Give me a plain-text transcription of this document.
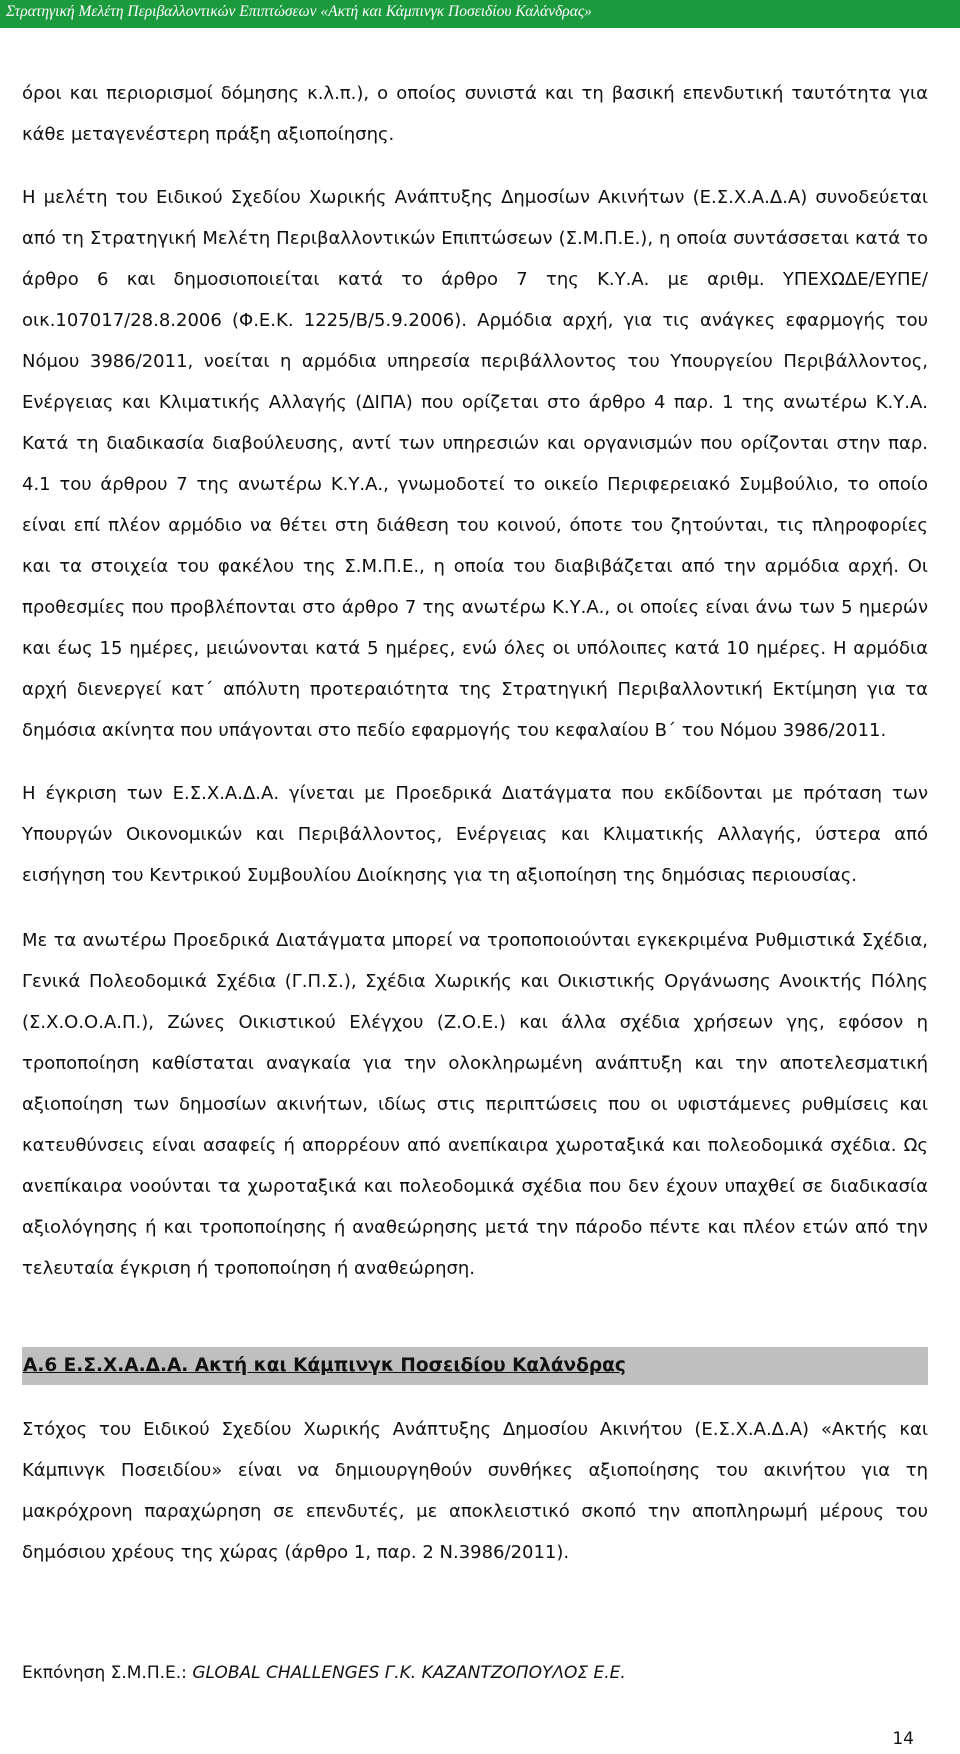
Στρατηγική Μελέτη Περιβαλλοντικών Επιπτώσεων «Ακτή και Κάμπινγκ Ποσειδίου Καλάνδρας»

όροι και περιορισμοί δόμησης κ.λ.π.), ο οποίος συνιστά και τη βασική επενδυτική ταυτότητα για κάθε μεταγενέστερη πράξη αξιοποίησης.

Η μελέτη του Ειδικού Σχεδίου Χωρικής Ανάπτυξης Δημοσίων Ακινήτων (Ε.Σ.Χ.Α.Δ.Α) συνοδεύεται από τη Στρατηγική Μελέτη Περιβαλλοντικών Επιπτώσεων (Σ.Μ.Π.Ε.), η οποία συντάσσεται κατά το άρθρο 6 και δημοσιοποιείται κατά το άρθρο 7 της Κ.Υ.Α. με αριθμ. ΥΠΕΧΩΔΕ/ΕΥΠΕ/οικ.107017/28.8.2006 (Φ.Ε.Κ. 1225/Β/5.9.2006). Αρμόδια αρχή, για τις ανάγκες εφαρμογής του Νόμου 3986/2011, νοείται η αρμόδια υπηρεσία περιβάλλοντος του Υπουργείου Περιβάλλοντος, Ενέργειας και Κλιματικής Αλλαγής (ΔΙΠΑ) που ορίζεται στο άρθρο 4 παρ. 1 της ανωτέρω Κ.Υ.Α. Κατά τη διαδικασία διαβούλευσης, αντί των υπηρεσιών και οργανισμών που ορίζονται στην παρ. 4.1 του άρθρου 7 της ανωτέρω Κ.Υ.Α., γνωμοδοτεί το οικείο Περιφερειακό Συμβούλιο, το οποίο είναι επί πλέον αρμόδιο να θέτει στη διάθεση του κοινού, όποτε του ζητούνται, τις πληροφορίες και τα στοιχεία του φακέλου της Σ.Μ.Π.Ε., η οποία του διαβιβάζεται από την αρμόδια αρχή. Οι προθεσμίες που προβλέπονται στο άρθρο 7 της ανωτέρω Κ.Υ.Α., οι οποίες είναι άνω των 5 ημερών και έως 15 ημέρες, μειώνονται κατά 5 ημέρες, ενώ όλες οι υπόλοιπες κατά 10 ημέρες. Η αρμόδια αρχή διενεργεί κατ΄ απόλυτη προτεραιότητα της Στρατηγική Περιβαλλοντική Εκτίμηση για τα δημόσια ακίνητα που υπάγονται στο πεδίο εφαρμογής του κεφαλαίου Β΄ του Νόμου 3986/2011.

Η έγκριση των Ε.Σ.Χ.Α.Δ.Α. γίνεται με Προεδρικά Διατάγματα που εκδίδονται με πρόταση των Υπουργών Οικονομικών και Περιβάλλοντος, Ενέργειας και Κλιματικής Αλλαγής, ύστερα από εισήγηση του Κεντρικού Συμβουλίου Διοίκησης για τη αξιοποίηση της δημόσιας περιουσίας.

Με τα ανωτέρω Προεδρικά Διατάγματα μπορεί να τροποποιούνται εγκεκριμένα Ρυθμιστικά Σχέδια, Γενικά Πολεοδομικά Σχέδια (Γ.Π.Σ.), Σχέδια Χωρικής και Οικιστικής Οργάνωσης Ανοικτής Πόλης (Σ.Χ.Ο.Ο.Α.Π.), Ζώνες Οικιστικού Ελέγχου (Ζ.Ο.Ε.) και άλλα σχέδια χρήσεων γης, εφόσον η τροποποίηση καθίσταται αναγκαία για την ολοκληρωμένη ανάπτυξη και την αποτελεσματική αξιοποίηση των δημοσίων ακινήτων, ιδίως στις περιπτώσεις που οι υφιστάμενες ρυθμίσεις και κατευθύνσεις είναι ασαφείς ή απορρέουν από ανεπίκαιρα χωροταξικά και πολεοδομικά σχέδια. Ως ανεπίκαιρα νοούνται τα χωροταξικά και πολεοδομικά σχέδια που δεν έχουν υπαχθεί σε διαδικασία αξιολόγησης ή και τροποποίησης ή αναθεώρησης μετά την πάροδο πέντε και πλέον ετών από την τελευταία έγκριση ή τροποποίηση ή αναθεώρηση.

Α.6 Ε.Σ.Χ.Α.Δ.Α. Ακτή και Κάμπινγκ Ποσειδίου Καλάνδρας

Στόχος του Ειδικού Σχεδίου Χωρικής Ανάπτυξης Δημοσίου Ακινήτου (Ε.Σ.Χ.Α.Δ.Α) «Ακτής και Κάμπινγκ Ποσειδίου» είναι να δημιουργηθούν συνθήκες αξιοποίησης του ακινήτου για τη μακρόχρονη παραχώρηση σε επενδυτές, με αποκλειστικό σκοπό την αποπληρωμή μέρους του δημόσιου χρέους της χώρας (άρθρο 1, παρ. 2 Ν.3986/2011).

Εκπόνηση Σ.Μ.Π.Ε.: GLOBAL CHALLENGES Γ.Κ. ΚΑΖΑΝΤΖΟΠΟΥΛΟΣ Ε.Ε.
14
